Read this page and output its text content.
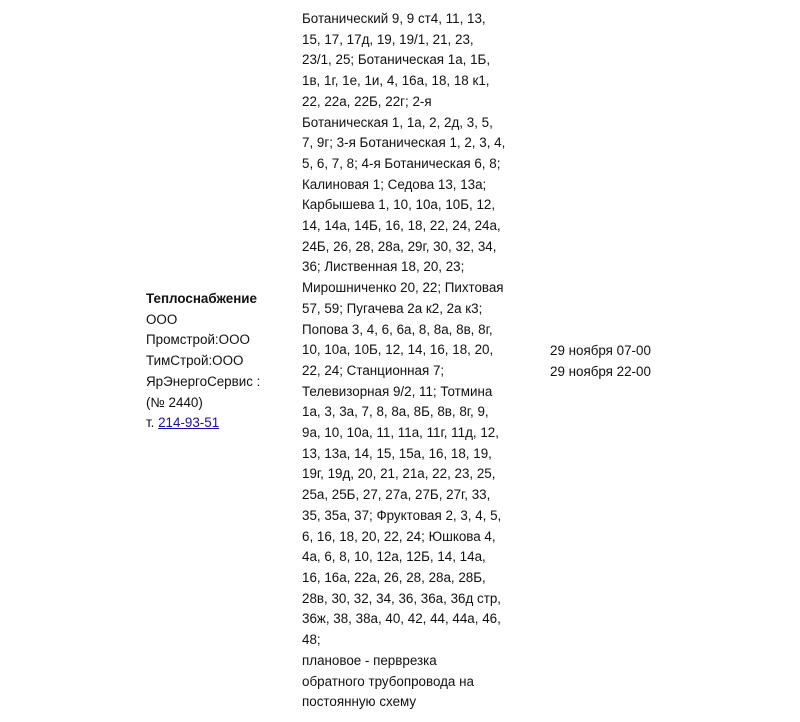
Теплоснабжение
ООО
Промстрой:ООО
ТимСтрой:ООО
ЯрЭнергоСервис :
(№ 2440)
т. 214-93-51
Ботанический 9, 9 ст4, 11, 13,
15, 17, 17д, 19, 19/1, 21, 23,
23/1, 25; Ботаническая 1а, 1Б,
1в, 1г, 1е, 1и, 4, 16а, 18, 18 к1,
22, 22а, 22Б, 22г; 2-я
Ботаническая 1, 1а, 2, 2д, 3, 5,
7, 9г; 3-я Ботаническая 1, 2, 3, 4,
5, 6, 7, 8; 4-я Ботаническая 6, 8;
Калиновая 1; Седова 13, 13а;
Карбышева 1, 10, 10а, 10Б, 12,
14, 14а, 14Б, 16, 18, 22, 24, 24а,
24Б, 26, 28, 28а, 29г, 30, 32, 34,
36; Лиственная 18, 20, 23;
Мирошниченко 20, 22; Пихтовая
57, 59; Пугачева 2а к2, 2а к3;
Попова 3, 4, 6, 6а, 8, 8а, 8в, 8г,
10, 10а, 10Б, 12, 14, 16, 18, 20,
22, 24; Станционная 7;
Телевизорная 9/2, 11; Тотмина
1а, 3, 3а, 7, 8, 8а, 8Б, 8в, 8г, 9,
9а, 10, 10а, 11, 11а, 11г, 11д, 12,
13, 13а, 14, 15, 15а, 16, 18, 19,
19г, 19д, 20, 21, 21а, 22, 23, 25,
25а, 25Б, 27, 27а, 27Б, 27г, 33,
35, 35а, 37; Фруктовая 2, 3, 4, 5,
6, 16, 18, 20, 22, 24; Юшкова 4,
4а, 6, 8, 10, 12а, 12Б, 14, 14а,
16, 16а, 22а, 26, 28, 28а, 28Б,
28в, 30, 32, 34, 36, 36а, 36д стр,
36ж, 38, 38а, 40, 42, 44, 44а, 46,
48;
плановое - перврезка
обратного трубопровода на
постоянную схему
29 ноября 07-00
29 ноября 22-00
